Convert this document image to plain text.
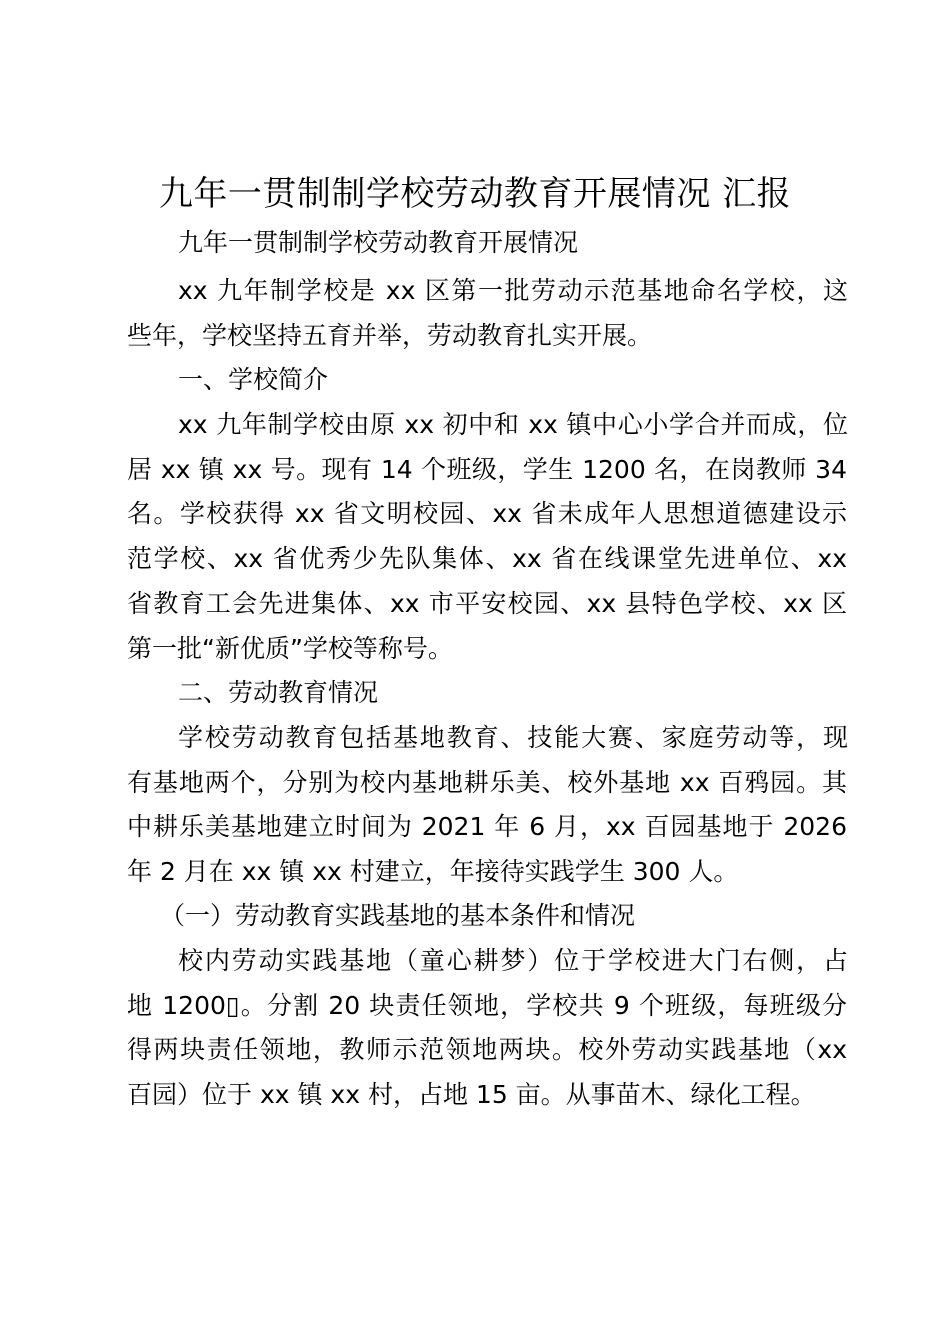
九年一贯制制学校劳动教育开展情况 汇报
九年一贯制制学校劳动教育开展情况
xx 九年制学校是 xx 区第一批劳动示范基地命名学校，这
些年，学校坚持五育并举，劳动教育扎实开展。
一、学校简介
xx 九年制学校由原 xx 初中和 xx 镇中心小学合并而成，位
居 xx 镇 xx 号。现有 14 个班级，学生 1200 名，在岗教师 34
名。学校获得 xx 省文明校园、xx 省未成年人思想道德建设示
范学校、xx 省优秀少先队集体、xx 省在线课堂先进单位、xx
省教育工会先进集体、xx 市平安校园、xx 县特色学校、xx 区
第一批“新优质”学校等称号。
二、劳动教育情况
学校劳动教育包括基地教育、技能大赛、家庭劳动等，现
有基地两个，分别为校内基地耕乐美、校外基地 xx 百鸦园。其
中耕乐美基地建立时间为 2021 年 6 月，xx 百园基地于 2026
年 2 月在 xx 镇 xx 村建立，年接待实践学生 300 人。
（一）劳动教育实践基地的基本条件和情况
校内劳动实践基地（童心耕梦）位于学校进大门右侧，占
地 1200▯。分割 20 块责任领地，学校共 9 个班级，每班级分
得两块责任领地，教师示范领地两块。校外劳动实践基地（xx
百园）位于 xx 镇 xx 村，占地 15 亩。从事苗木、绿化工程。
